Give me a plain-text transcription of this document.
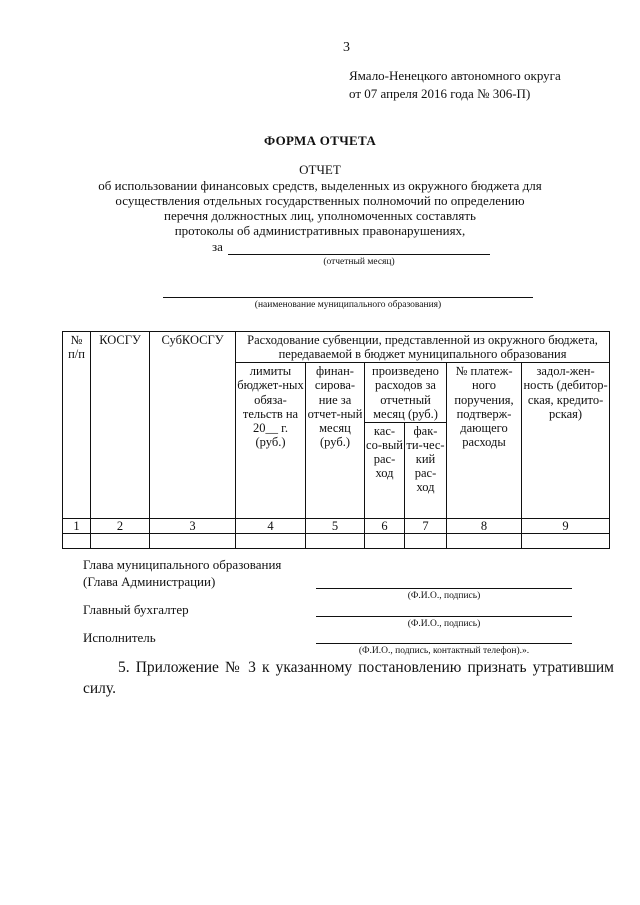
3
Ямало-Ненецкого автономного округа
от 07 апреля 2016 года № 306-П)
ФОРМА ОТЧЕТА
ОТЧЕТ
об использовании финансовых средств, выделенных из окружного бюджета для
осуществления отдельных государственных полномочий по определению
перечня должностных лиц, уполномоченных составлять
протоколы об административных правонарушениях,
за
(отчетный месяц)
(наименование муниципального образования)
№ п/п	КОСГУ	СубКОСГУ	Расходование субвенции, представленной из окружного бюджета, передаваемой в бюджет муниципального образования					
			лимиты бюджет-ных обяза-тельств на 20__ г. (руб.)	финан-сирова-ние за отчет-ный месяц (руб.)	произведено расходов за отчетный месяц (руб.)		№ платеж-ного поручения, подтверж-дающего расходы	задол-жен-ность (дебитор-ская, кредито-рская)
					кас-со-вый рас-ход	фак-ти-чес-кий рас-ход		
1	2	3	4	5	6	7	8	9

Глава муниципального образования
(Глава Администрации)
(Ф.И.О., подпись)
Главный бухгалтер
(Ф.И.О., подпись)
Исполнитель
(Ф.И.О., подпись, контактный телефон).».
5. Приложение № 3 к указанному постановлению признать утратившим
силу.
